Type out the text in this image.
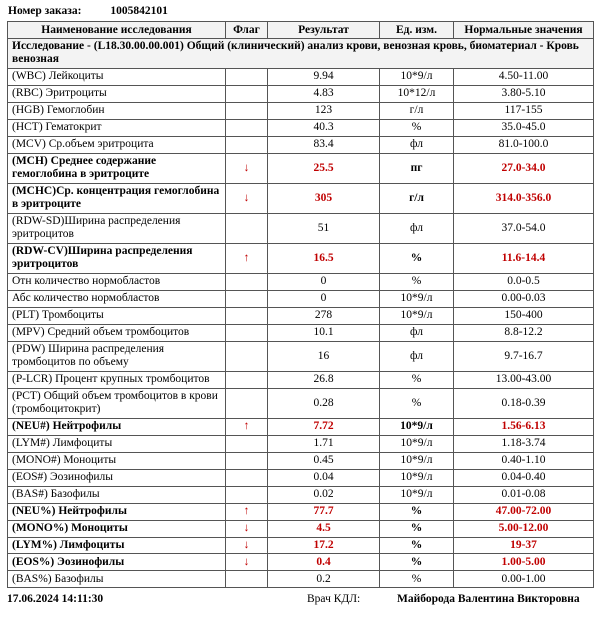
Номер заказа:	1005842101
Наименование исследования	Флаг	Результат	Ед. изм.	Нормальные значения
Исследование - (L18.30.00.00.001) Общий (клинический) анализ крови, венозная кровь, биоматериал - Кровь венозная				
(WBC) Лейкоциты		9.94	10*9/л	4.50-11.00
(RBC) Эритроциты		4.83	10*12/л	3.80-5.10
(HGB) Гемоглобин		123	г/л	117-155
(HCT) Гематокрит		40.3	%	35.0-45.0
(MCV) Ср.объем эритроцита		83.4	фл	81.0-100.0
(MCH) Среднее содержание гемоглобина в эритроците	↓	25.5	пг	27.0-34.0
(MCHC)Ср. концентрация гемоглобина в эритроците	↓	305	г/л	314.0-356.0
(RDW-SD)Ширина распределения эритроцитов		51	фл	37.0-54.0
(RDW-CV)Ширина распределения эритроцитов	↑	16.5	%	11.6-14.4
Отн количество нормобластов		0	%	0.0-0.5
Абс количество нормобластов		0	10*9/л	0.00-0.03
(PLT) Тромбоциты		278	10*9/л	150-400
(MPV) Средний объем тромбоцитов		10.1	фл	8.8-12.2
(PDW) Ширина распределения тромбоцитов по объему		16	фл	9.7-16.7
(P-LCR) Процент крупных тромбоцитов		26.8	%	13.00-43.00
(PCT) Общий объем тромбоцитов в крови (тромбоцитокрит)		0.28	%	0.18-0.39
(NEU#) Нейтрофилы	↑	7.72	10*9/л	1.56-6.13
(LYM#) Лимфоциты		1.71	10*9/л	1.18-3.74
(MONO#) Моноциты		0.45	10*9/л	0.40-1.10
(EOS#) Эозинофилы		0.04	10*9/л	0.04-0.40
(BAS#) Базофилы		0.02	10*9/л	0.01-0.08
(NEU%) Нейтрофилы	↑	77.7	%	47.00-72.00
(MONO%) Моноциты	↓	4.5	%	5.00-12.00
(LYM%) Лимфоциты	↓	17.2	%	19-37
(EOS%) Эозинофилы	↓	0.4	%	1.00-5.00
(BAS%) Базофилы		0.2	%	0.00-1.00
17.06.2024 14:11:30	Врач КДЛ:	Майборода Валентина Викторовна
